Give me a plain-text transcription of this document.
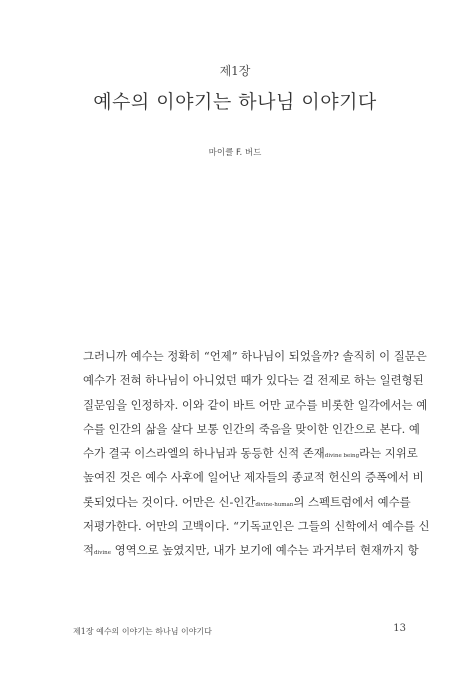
제1장
예수의 이야기는 하나님 이야기다
마이클 F. 버드
그러니까 예수는 정확히 “언제” 하나님이 되었을까? 솔직히 이 질문은
예수가 전혀 하나님이 아니었던 때가 있다는 걸 전제로 하는 일련형된
질문임을 인정하자. 이와 같이 바트 어만 교수를 비롯한 일각에서는 예
수를 인간의 삶을 살다 보통 인간의 죽음을 맞이한 인간으로 본다. 예
수가 결국 이스라엘의 하나님과 동등한 신적 존재divine being라는 지위로
높여진 것은 예수 사후에 일어난 제자들의 종교적 헌신의 증폭에서 비
롯되었다는 것이다. 어만은 신-인간divine-human의 스펙트럼에서 예수를
저평가한다. 어만의 고백이다. “기독교인은 그들의 신학에서 예수를 신
적divine 영역으로 높였지만, 내가 보기에 예수는 과거부터 현재까지 항
제1장 예수의 이야기는 하나님 이야기다	13
